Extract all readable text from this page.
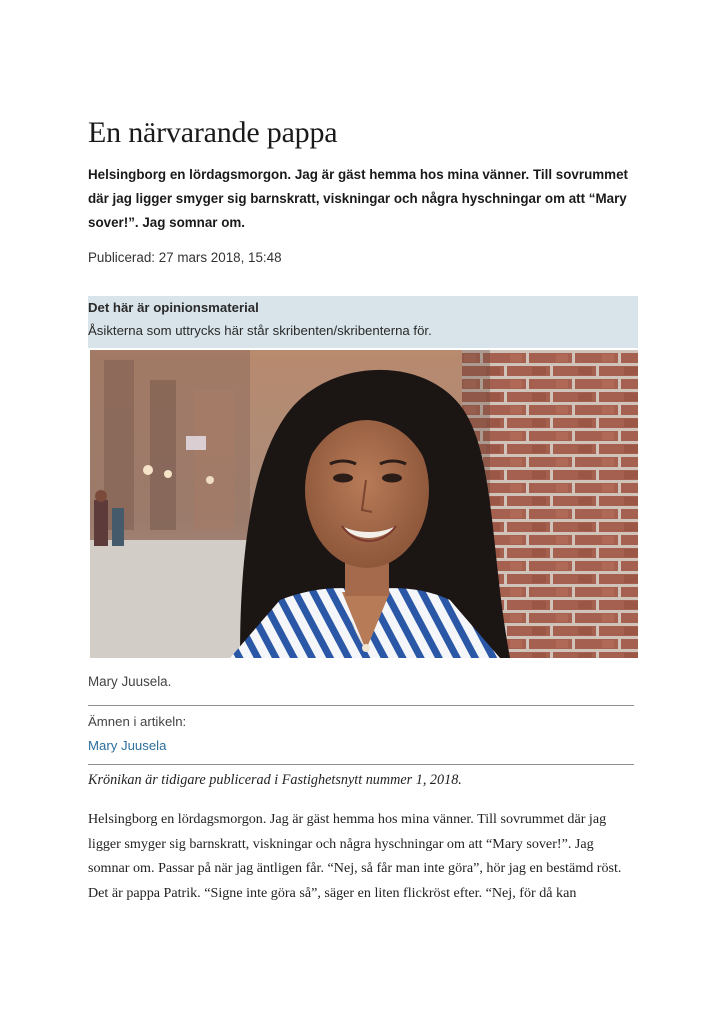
En närvarande pappa

Helsingborg en lördagsmorgon. Jag är gäst hemma hos mina vänner. Till sovrummet där jag ligger smyger sig barnskratt, viskningar och några hyschningar om att “Mary sover!”. Jag somnar om.

Publicerad: 27 mars 2018, 15:48

Det här är opinionsmaterial
Åsikterna som uttrycks här står skribenten/skribenterna för.

Mary Juusela.

Ämnen i artikeln:
Mary Juusela

Krönikan är tidigare publicerad i Fastighetsnytt nummer 1, 2018.

Helsingborg en lördagsmorgon. Jag är gäst hemma hos mina vänner. Till sovrummet där jag ligger smyger sig barnskratt, viskningar och några hyschningar om att “Mary sover!”. Jag somnar om. Passar på när jag äntligen får. “Nej, så får man inte göra”, hör jag en bestämd röst. Det är pappa Patrik. “Signe inte göra så”, säger en liten flickröst efter. “Nej, för då kan
